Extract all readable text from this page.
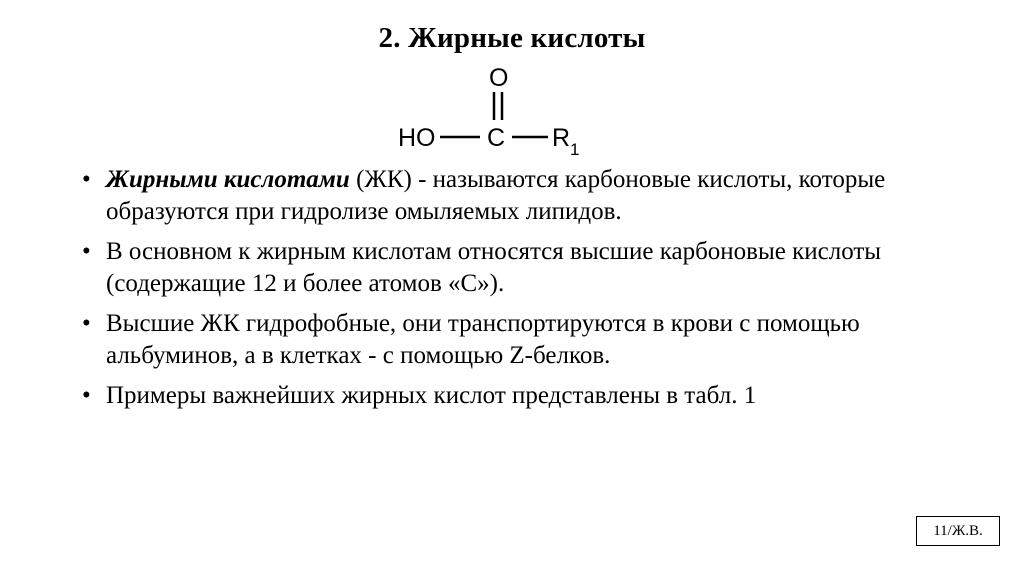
2. Жирные кислоты
O
HO C R 1
• Жирными кислотами (ЖК) - называются карбоновые кислоты, которые образуются при гидролизе омыляемых липидов.
• В основном к жирным кислотам относятся высшие карбоновые кислоты (содержащие 12 и более атомов «С»).
• Высшие ЖК гидрофобные, они транспортируются в крови с помощью альбуминов, а в клетках - с помощью Z-белков.
• Примеры важнейших жирных кислот представлены в табл. 1
11/Ж.В.
